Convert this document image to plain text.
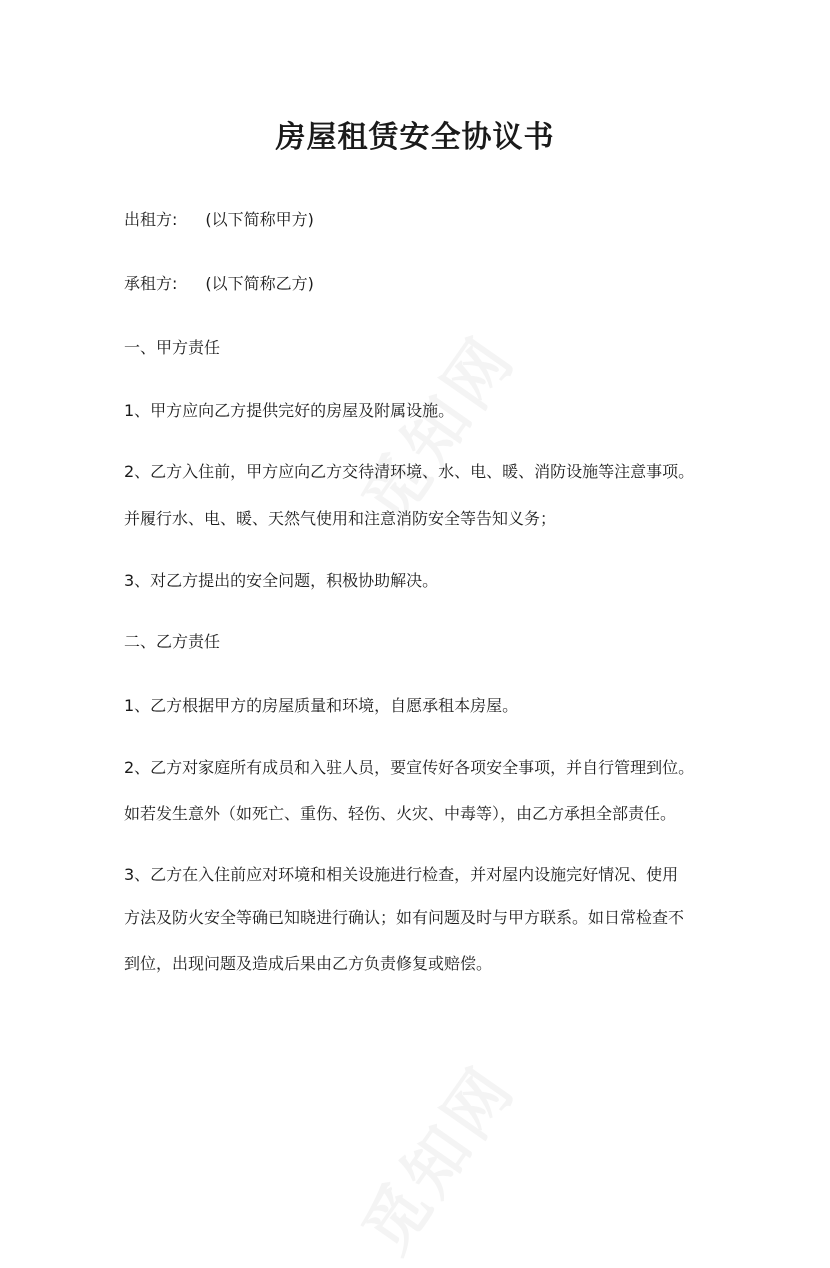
房屋租赁安全协议书
出租方: (以下简称甲方)
承租方: (以下简称乙方)
一、甲方责任
1、甲方应向乙方提供完好的房屋及附属设施。
2、乙方入住前，甲方应向乙方交待清环境、水、电、暖、消防设施等注意事项。
并履行水、电、暖、天然气使用和注意消防安全等告知义务；
3、对乙方提出的安全问题，积极协助解决。
二、乙方责任
1、乙方根据甲方的房屋质量和环境，自愿承租本房屋。
2、乙方对家庭所有成员和入驻人员，要宣传好各项安全事项，并自行管理到位。
如若发生意外（如死亡、重伤、轻伤、火灾、中毒等），由乙方承担全部责任。
3、乙方在入住前应对环境和相关设施进行检查，并对屋内设施完好情况、使用
方法及防火安全等确已知晓进行确认；如有问题及时与甲方联系。如日常检查不
到位，出现问题及造成后果由乙方负责修复或赔偿。
